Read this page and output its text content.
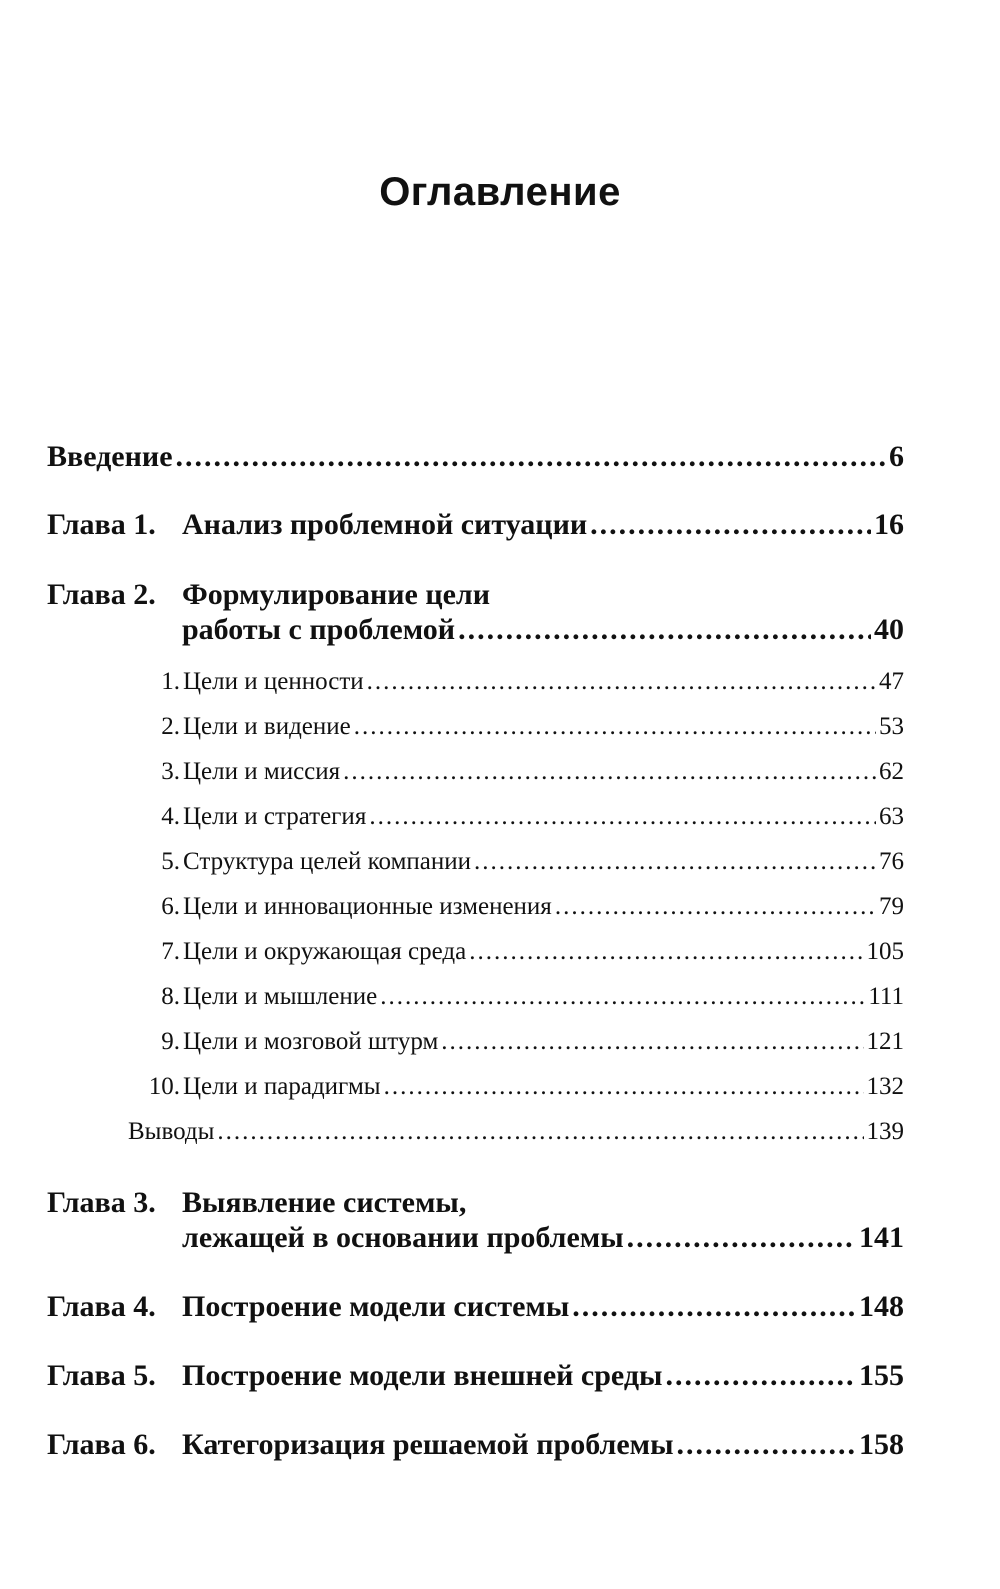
Оглавление
Введение .....	6
Глава 1. Анализ проблемной ситуации .....	16
Глава 2. Формулирование цели
работы с проблемой .....	40
1. Цели и ценности .....	47
2. Цели и видение .....	53
3. Цели и миссия .....	62
4. Цели и стратегия .....	63
5. Структура целей компании .....	76
6. Цели и инновационные изменения .....	79
7. Цели и окружающая среда .....	105
8. Цели и мышление .....	111
9. Цели и мозговой штурм .....	121
10. Цели и парадигмы .....	132
Выводы .....	139
Глава 3. Выявление системы,
лежащей в основании проблемы .....	141
Глава 4. Построение модели системы .....	148
Глава 5. Построение модели внешней среды .....	155
Глава 6. Категоризация решаемой проблемы .....	158
